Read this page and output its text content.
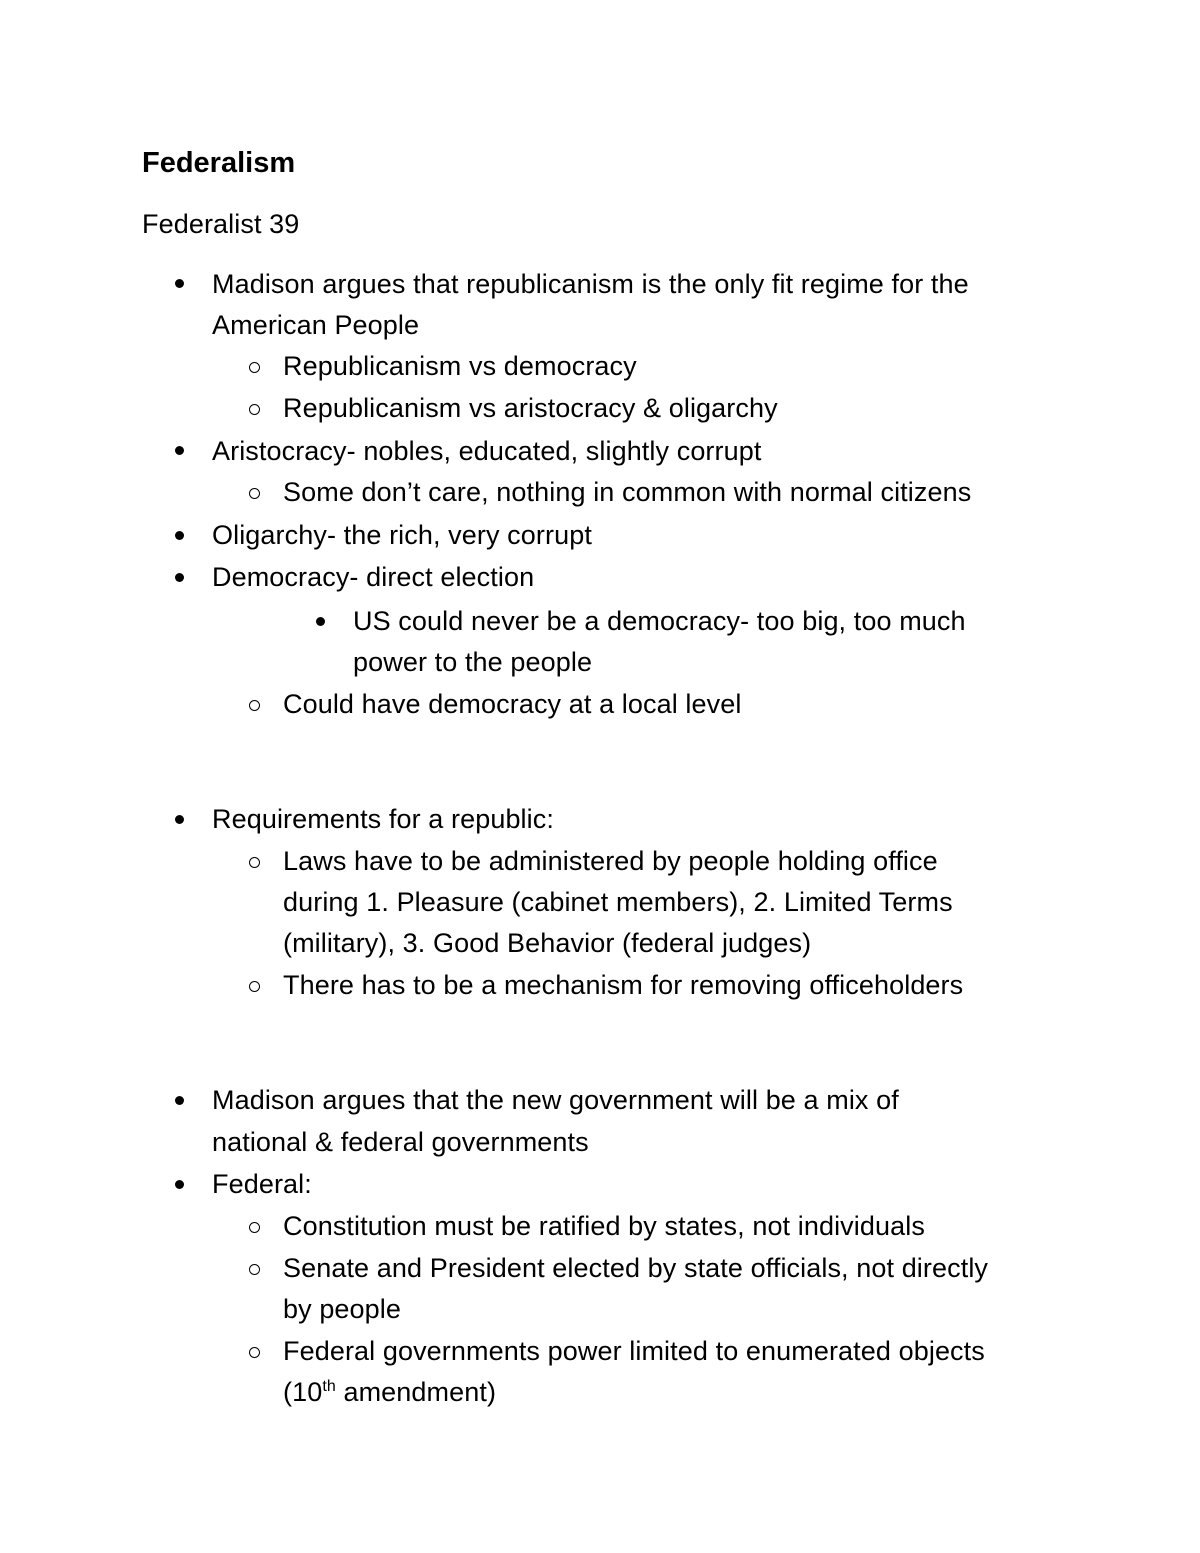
Federalism
Federalist 39
Madison argues that republicanism is the only fit regime for the
American People
Republicanism vs democracy
Republicanism vs aristocracy & oligarchy
Aristocracy- nobles, educated, slightly corrupt
Some don’t care, nothing in common with normal citizens
Oligarchy- the rich, very corrupt
Democracy- direct election
US could never be a democracy- too big, too much
power to the people
Could have democracy at a local level
Requirements for a republic:
Laws have to be administered by people holding office
during 1. Pleasure (cabinet members), 2. Limited Terms
(military), 3. Good Behavior (federal judges)
There has to be a mechanism for removing officeholders
Madison argues that the new government will be a mix of
national & federal governments
Federal:
Constitution must be ratified by states, not individuals
Senate and President elected by state officials, not directly
by people
Federal governments power limited to enumerated objects
(10th amendment)
